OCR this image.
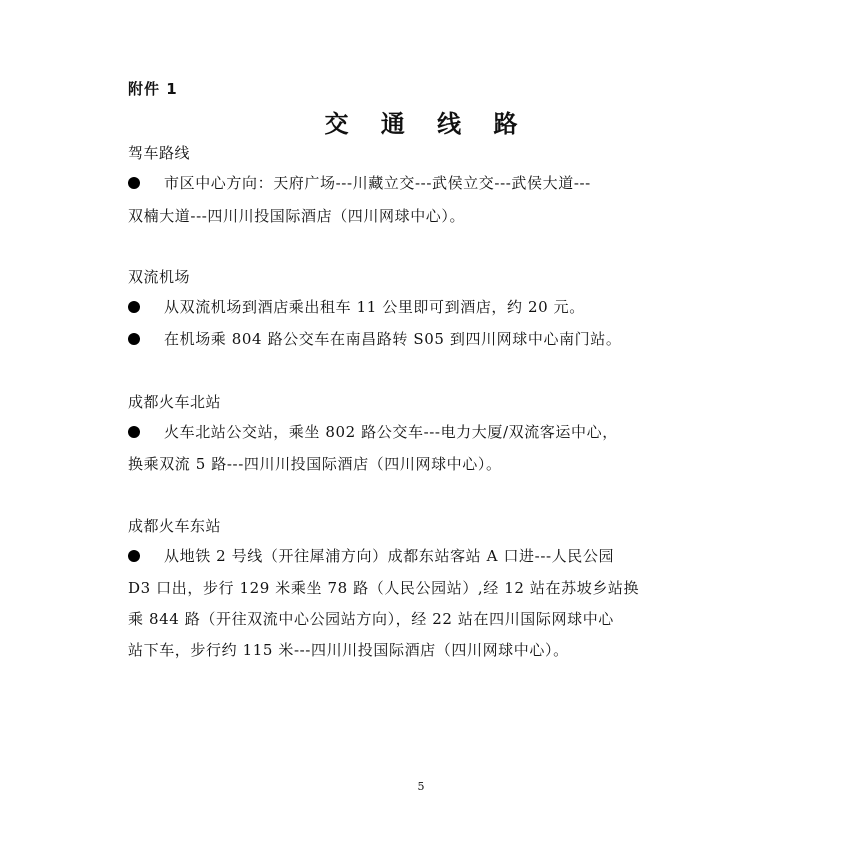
附件 1
交 通 线 路
驾车路线
市区中心方向：天府广场---川藏立交---武侯立交---武侯大道---
双楠大道---四川川投国际酒店（四川网球中心）。
双流机场
从双流机场到酒店乘出租车 11 公里即可到酒店，约 20 元。
在机场乘 804 路公交车在南昌路转 S05 到四川网球中心南门站。
成都火车北站
火车北站公交站，乘坐 802 路公交车---电力大厦/双流客运中心，
换乘双流 5 路---四川川投国际酒店（四川网球中心）。
成都火车东站
从地铁 2 号线（开往犀浦方向）成都东站客站 A 口进---人民公园
D3 口出，步行 129 米乘坐 78 路（人民公园站）,经 12 站在苏坡乡站换
乘 844 路（开往双流中心公园站方向），经 22 站在四川国际网球中心
站下车，步行约 115 米---四川川投国际酒店（四川网球中心）。
5
